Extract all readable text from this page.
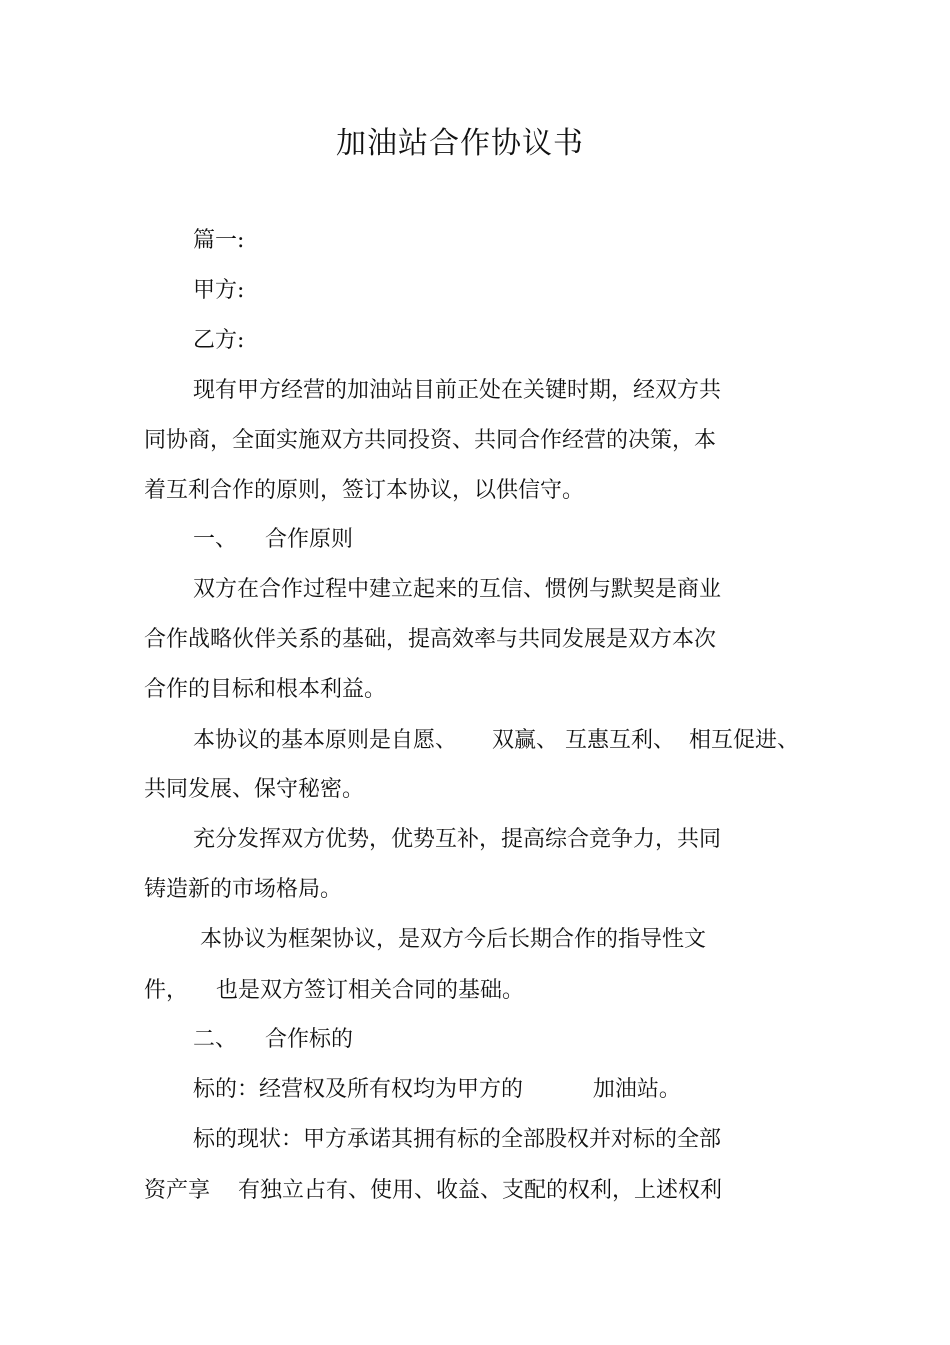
加油站合作协议书
篇一:
甲方:
乙方:
现有甲方经营的加油站目前正处在关键时期，经双方共
同协商，全面实施双方共同投资、共同合作经营的决策，本
着互利合作的原则，签订本协议，以供信守。
一、    合作原则
双方在合作过程中建立起来的互信、惯例与默契是商业
合作战略伙伴关系的基础，提高效率与共同发展是双方本次
合作的目标和根本利益。
本协议的基本原则是自愿、     双赢、 互惠互利、  相互促进、
共同发展、保守秘密。
充分发挥双方优势，优势互补，提高综合竞争力，共同
铸造新的市场格局。
本协议为框架协议，是双方今后长期合作的指导性文
件，    也是双方签订相关合同的基础。
二、    合作标的
标的：经营权及所有权均为甲方的          加油站。
标的现状：甲方承诺其拥有标的全部股权并对标的全部
资产享    有独立占有、使用、收益、支配的权利，上述权利
